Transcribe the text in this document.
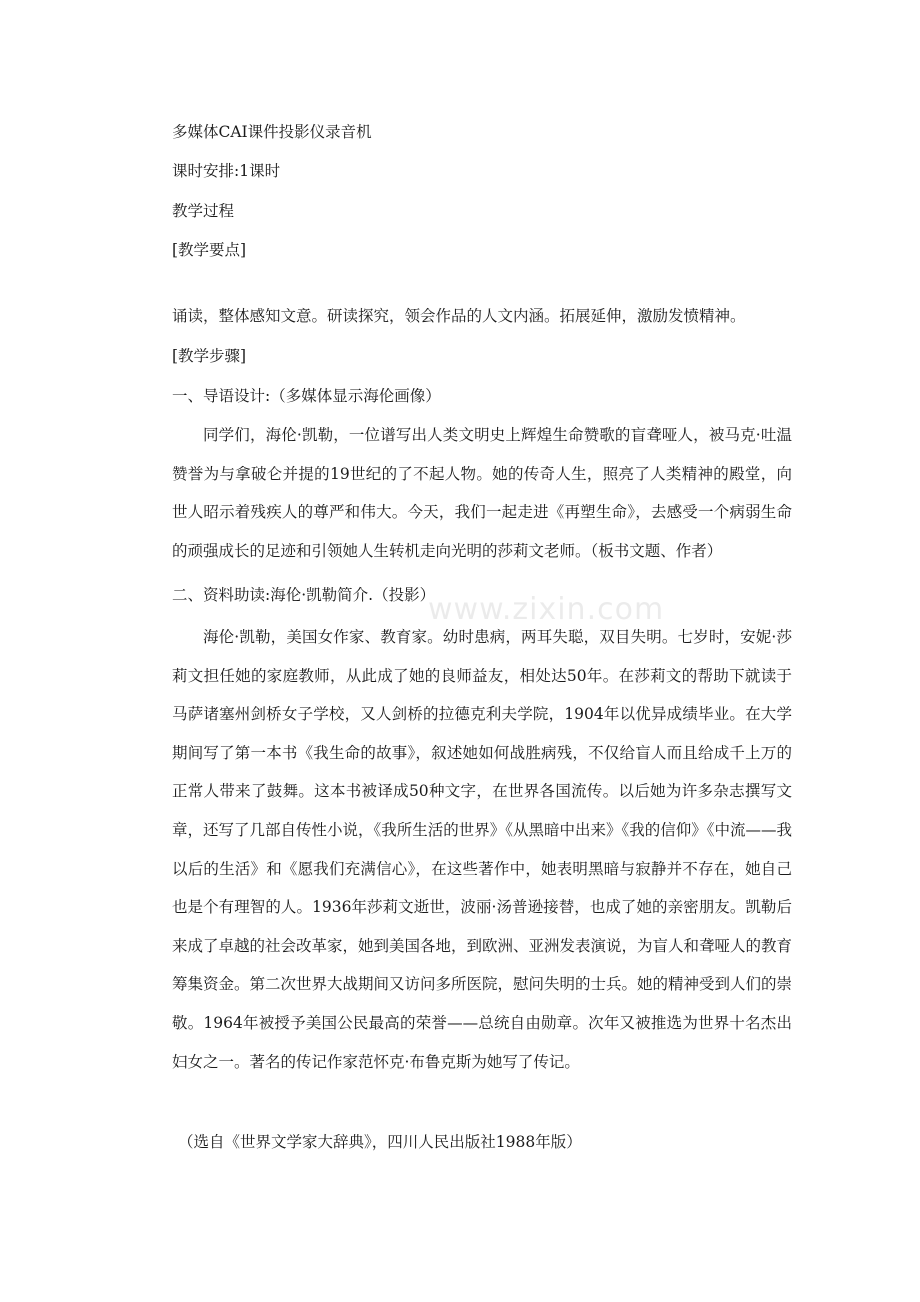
多媒体CAI课件投影仪录音机
课时安排:1课时
教学过程
[教学要点]
诵读，整体感知文意。研读探究，领会作品的人文内涵。拓展延伸，激励发愤精神。
[教学步骤]
一、导语设计:（多媒体显示海伦画像）

同学们，海伦·凯勒，一位谱写出人类文明史上辉煌生命赞歌的盲聋哑人，被马克·吐温赞誉为与拿破仑并提的19世纪的了不起人物。她的传奇人生，照亮了人类精神的殿堂，向世人昭示着残疾人的尊严和伟大。今天，我们一起走进《再塑生命》，去感受一个病弱生命的顽强成长的足迹和引领她人生转机走向光明的莎莉文老师。（板书文题、作者）

二、资料助读:海伦·凯勒简介.（投影）
www.zixin.com

海伦·凯勒，美国女作家、教育家。幼时患病，两耳失聪，双目失明。七岁时，安妮·莎莉文担任她的家庭教师，从此成了她的良师益友，相处达50年。在莎莉文的帮助下就读于马萨诸塞州剑桥女子学校，又人剑桥的拉德克利夫学院，1904年以优异成绩毕业。在大学期间写了第一本书《我生命的故事》，叙述她如何战胜病残，不仅给盲人而且给成千上万的正常人带来了鼓舞。这本书被译成50种文字，在世界各国流传。以后她为许多杂志撰写文章，还写了几部自传性小说，《我所生活的世界》《从黑暗中出来》《我的信仰》《中流——我以后的生活》和《愿我们充满信心》，在这些著作中，她表明黑暗与寂静并不存在，她自己也是个有理智的人。1936年莎莉文逝世，波丽·汤普逊接替，也成了她的亲密朋友。凯勒后来成了卓越的社会改革家，她到美国各地，到欧洲、亚洲发表演说，为盲人和聋哑人的教育筹集资金。第二次世界大战期间又访问多所医院，慰问失明的士兵。她的精神受到人们的崇敬。1964年被授予美国公民最高的荣誉——总统自由勋章。次年又被推选为世界十名杰出妇女之一。著名的传记作家范怀克·布鲁克斯为她写了传记。

（选自《世界文学家大辞典》，四川人民出版社1988年版）
